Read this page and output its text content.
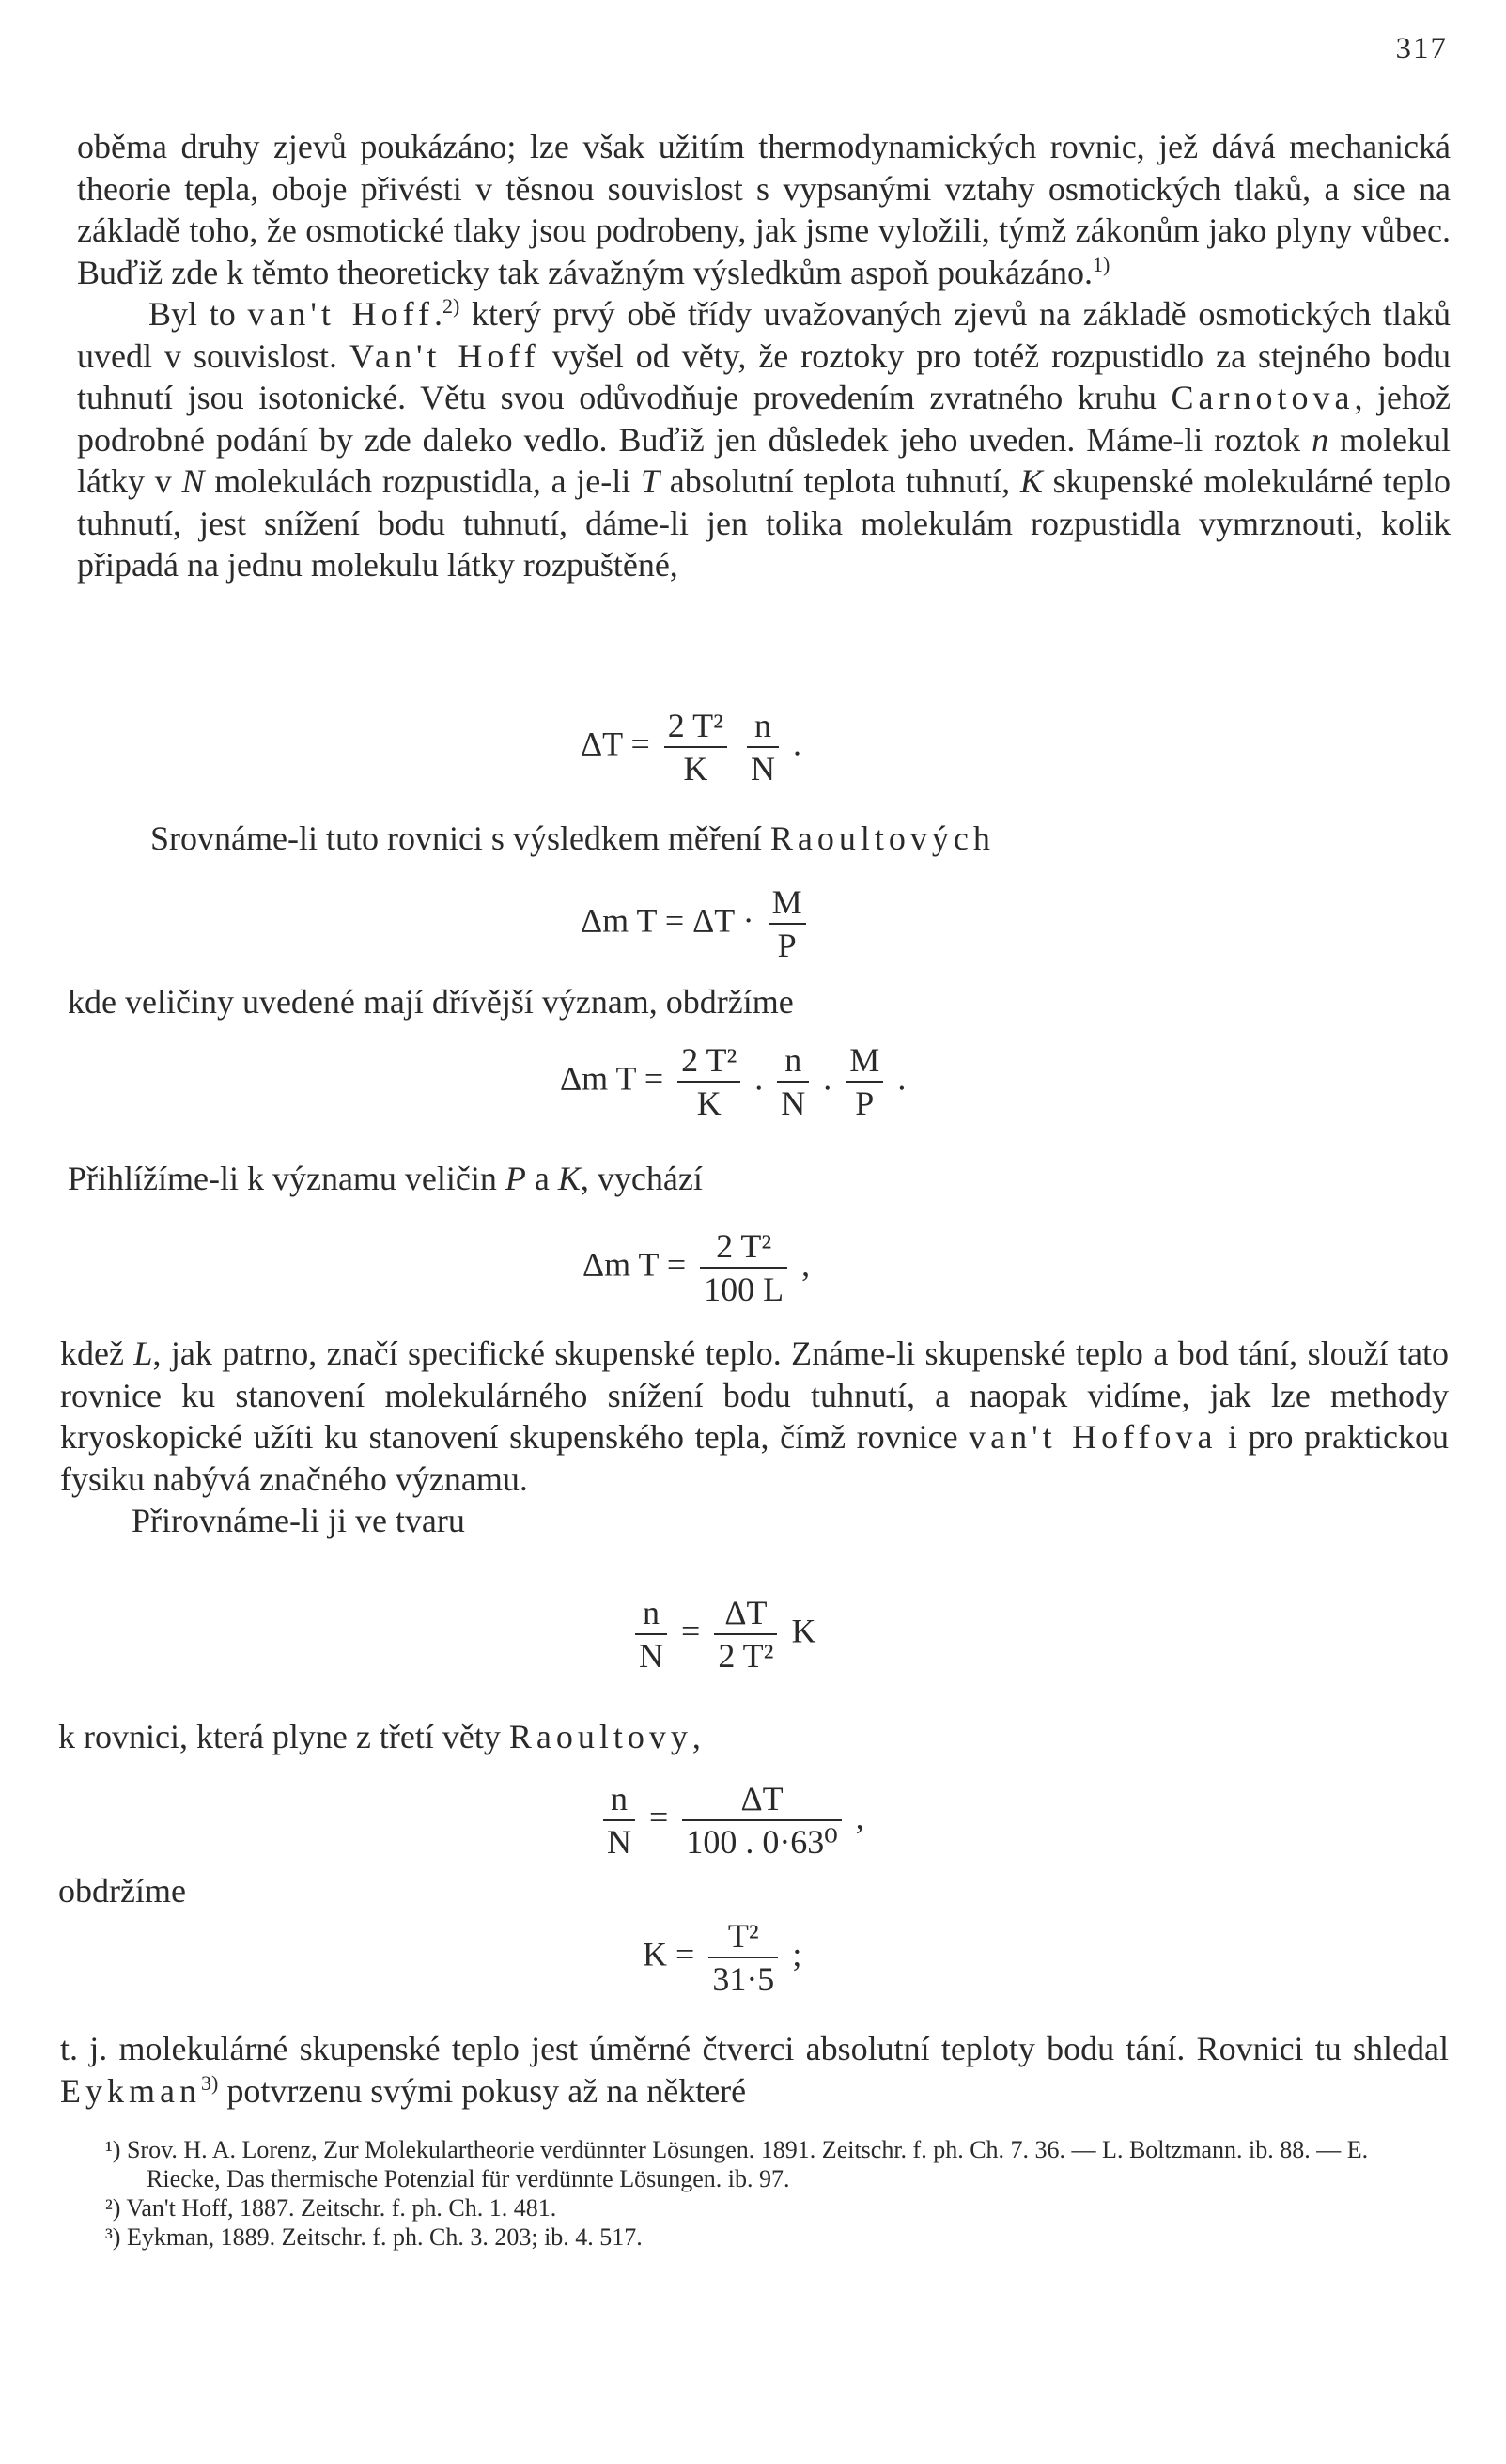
317

oběma druhy zjevů poukázáno; lze však užitím thermodynamických rovnic, jež dává mechanická theorie tepla, oboje přivésti v těsnou souvislost s vypsanými vztahy osmotických tlaků, a sice na základě toho, že osmotické tlaky jsou podrobeny, jak jsme vyložili, týmž zákonům jako plyny vůbec. Buďiž zde k těmto theoreticky tak závažným výsledkům aspoň poukázáno.$^{1)}$

Byl to van't Hoff.$^{2)}$ který prvý obě třídy uvažovaných zjevů na základě osmotických tlaků uvedl v souvislost. Van't Hoff vyšel od věty, že roztoky pro totéž rozpustidlo za stejného bodu tuhnutí jsou isotonické. Větu svou odůvodňuje provedením zvratného kruhu Carnotova, jehož podrobné podání by zde daleko vedlo. Buďiž jen důsledek jeho uveden. Máme-li roztok n molekul látky v N molekulách rozpustidla, a je-li T absolutní teplota tuhnutí, K skupenské molekulárné teplo tuhnutí, jest snížení bodu tuhnutí, dáme-li jen tolika molekulám rozpustidla vymrznouti, kolik připadá na jednu molekulu látky rozpuštěné,

$\Delta T = \frac{\text{2 T²}}{K}$
$\frac{n}{N}$ .
Srovnáme-li tuto rovnici s výsledkem měření Raoultových
Δm $T = \Delta T \cdot \frac{M}{P}$
kde veličiny uvedené mají dřívější význam, obdržíme
Δm $T = \frac{\text{2 T²}}{K}$ . $\frac{n}{N}$ . $\frac{M}{P}$ .
Přihlížíme-li k významu veličin P a K, vychází
Δm $T = \frac{\text{2 T²}}{100 L}$ ,

kdež L, jak patrno, značí specifické skupenské teplo. Známe-li skupenské teplo a bod tání, slouží tato rovnice ku stanovení molekulárného snížení bodu tuhnutí, a naopak vidíme, jak lze methody kryoskopické užíti ku stanovení skupenského tepla, čímž rovnice van't Hoffova i pro praktickou fysiku nabývá značného významu.

Přirovnáme-li ji ve tvaru

$\frac{n}{N} = \frac{\Delta T}{\text{2 T²}}$ K
k rovnici, která plyne z třetí věty Raoultovy,
$\frac{n}{N} = \frac{\Delta T}{\text{100 . 0·63⁰}}$ ,
obdržíme
$K = \frac{\text{T²}}{31\cdot 5}$ ;

t. j. molekulárné skupenské teplo jest úměrné čtverci absolutní teploty bodu tání. Rovnici tu shledal Eykman$^{3)}$ potvrzenu svými pokusy až na některé

¹) Srov. H. A. Lorenz, Zur Molekulartheorie verdünnter Lösungen. 1891. Zeitschr. f. ph. Ch. 7. 36. — L. Boltzmann. ib. 88. — E. Riecke, Das thermische Potenzial für verdünnte Lösungen. ib. 97.

²) Van't Hoff, 1887. Zeitschr. f. ph. Ch. 1. 481.

³) Eykman, 1889. Zeitschr. f. ph. Ch. 3. 203; ib. 4. 517.
